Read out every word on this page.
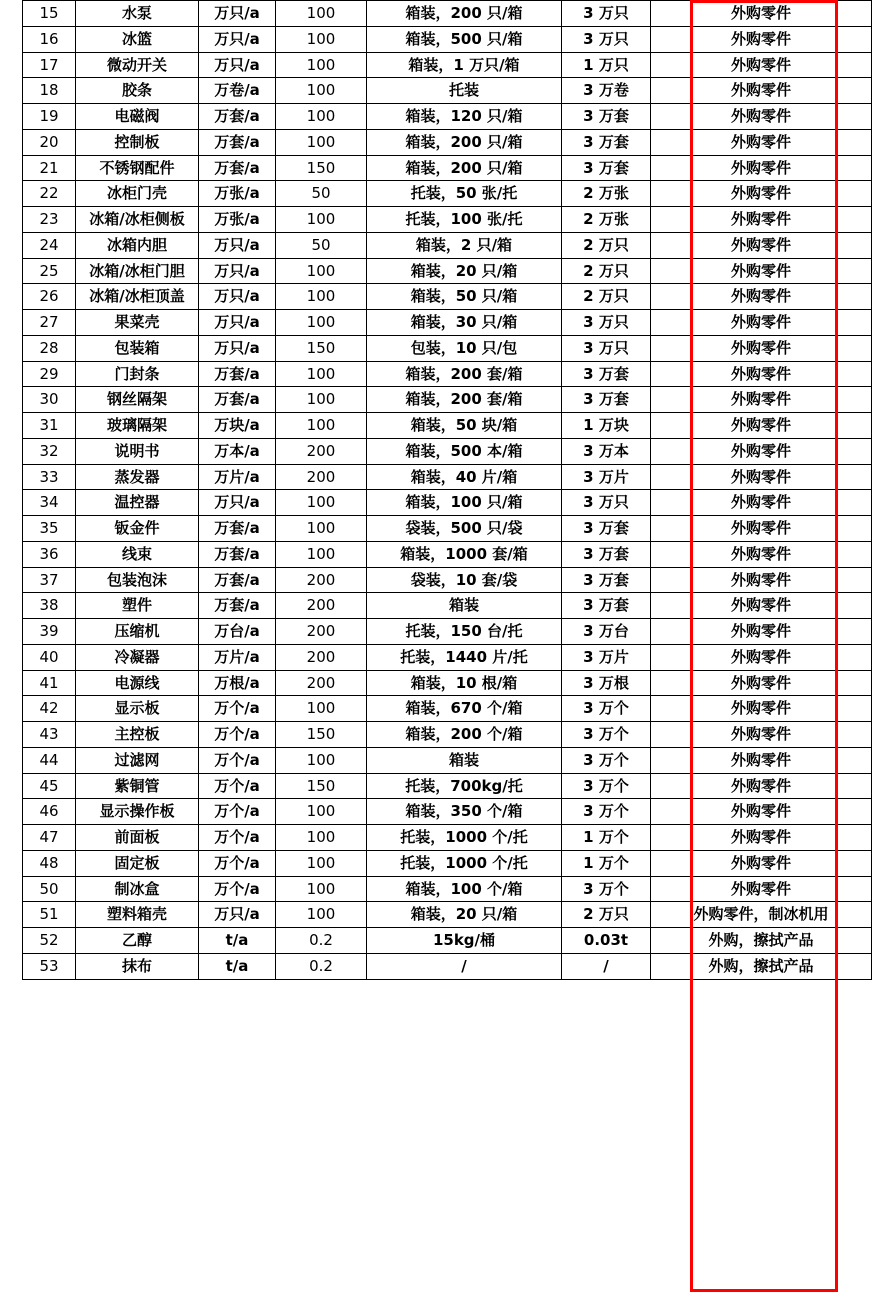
15	水泵	万只/a	100	箱装，200 只/箱	3 万只	外购零件
16	冰篮	万只/a	100	箱装，500 只/箱	3 万只	外购零件
17	微动开关	万只/a	100	箱装，1 万只/箱	1 万只	外购零件
18	胶条	万卷/a	100	托装	3 万卷	外购零件
19	电磁阀	万套/a	100	箱装，120 只/箱	3 万套	外购零件
20	控制板	万套/a	100	箱装，200 只/箱	3 万套	外购零件
21	不锈钢配件	万套/a	150	箱装，200 只/箱	3 万套	外购零件
22	冰柜门壳	万张/a	50	托装，50 张/托	2 万张	外购零件
23	冰箱/冰柜侧板	万张/a	100	托装，100 张/托	2 万张	外购零件
24	冰箱内胆	万只/a	50	箱装，2 只/箱	2 万只	外购零件
25	冰箱/冰柜门胆	万只/a	100	箱装，20 只/箱	2 万只	外购零件
26	冰箱/冰柜顶盖	万只/a	100	箱装，50 只/箱	2 万只	外购零件
27	果菜壳	万只/a	100	箱装，30 只/箱	3 万只	外购零件
28	包装箱	万只/a	150	包装，10 只/包	3 万只	外购零件
29	门封条	万套/a	100	箱装，200 套/箱	3 万套	外购零件
30	钢丝隔架	万套/a	100	箱装，200 套/箱	3 万套	外购零件
31	玻璃隔架	万块/a	100	箱装，50 块/箱	1 万块	外购零件
32	说明书	万本/a	200	箱装，500 本/箱	3 万本	外购零件
33	蒸发器	万片/a	200	箱装，40 片/箱	3 万片	外购零件
34	温控器	万只/a	100	箱装，100 只/箱	3 万只	外购零件
35	钣金件	万套/a	100	袋装，500 只/袋	3 万套	外购零件
36	线束	万套/a	100	箱装，1000 套/箱	3 万套	外购零件
37	包装泡沫	万套/a	200	袋装，10 套/袋	3 万套	外购零件
38	塑件	万套/a	200	箱装	3 万套	外购零件
39	压缩机	万台/a	200	托装，150 台/托	3 万台	外购零件
40	冷凝器	万片/a	200	托装，1440 片/托	3 万片	外购零件
41	电源线	万根/a	200	箱装，10 根/箱	3 万根	外购零件
42	显示板	万个/a	100	箱装，670 个/箱	3 万个	外购零件
43	主控板	万个/a	150	箱装，200 个/箱	3 万个	外购零件
44	过滤网	万个/a	100	箱装	3 万个	外购零件
45	紫铜管	万个/a	150	托装，700kg/托	3 万个	外购零件
46	显示操作板	万个/a	100	箱装，350 个/箱	3 万个	外购零件
47	前面板	万个/a	100	托装，1000 个/托	1 万个	外购零件
48	固定板	万个/a	100	托装，1000 个/托	1 万个	外购零件
50	制冰盒	万个/a	100	箱装，100 个/箱	3 万个	外购零件
51	塑料箱壳	万只/a	100	箱装，20 只/箱	2 万只	外购零件，制冰机用
52	乙醇	t/a	0.2	15kg/桶	0.03t	外购，擦拭产品
53	抹布	t/a	0.2	/	/	外购，擦拭产品
